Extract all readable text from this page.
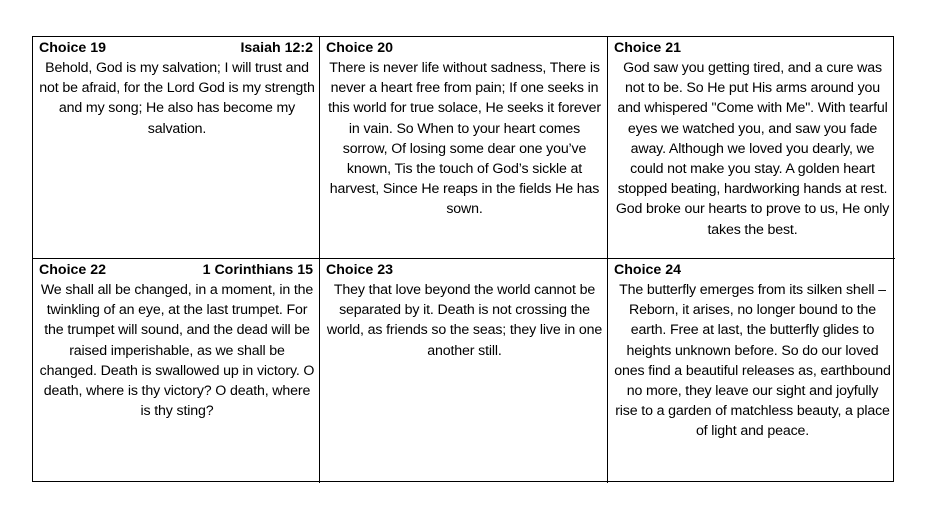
Choice 19	Isaiah 12:2

Behold, God is my salvation; I will trust and not be afraid, for the Lord God is my strength and my song; He also has become my salvation.

Choice 20

There is never life without sadness, There is never a heart free from pain; If one seeks in this world for true solace, He seeks it forever in vain. So When to your heart comes sorrow, Of losing some dear one you’ve known, Tis the touch of God’s sickle at harvest, Since He reaps in the fields He has sown.

Choice 21

God saw you getting tired, and a cure was not to be. So He put His arms around you and whispered "Come with Me". With tearful eyes we watched you, and saw you fade away. Although we loved you dearly, we could not make you stay. A golden heart stopped beating, hardworking hands at rest. God broke our hearts to prove to us, He only takes the best.

Choice 22	1 Corinthians 15

We shall all be changed, in a moment, in the twinkling of an eye, at the last trumpet. For the trumpet will sound, and the dead will be raised imperishable, as we shall be changed. Death is swallowed up in victory. O death, where is thy victory? O death, where is thy sting?

Choice 23

They that love beyond the world cannot be separated by it. Death is not crossing the world, as friends so the seas; they live in one another still.

Choice 24

The butterfly emerges from its silken shell – Reborn, it arises, no longer bound to the earth. Free at last, the butterfly glides to heights unknown before. So do our loved ones find a beautiful releases as, earthbound no more, they leave our sight and joyfully rise to a garden of matchless beauty, a place of light and peace.
